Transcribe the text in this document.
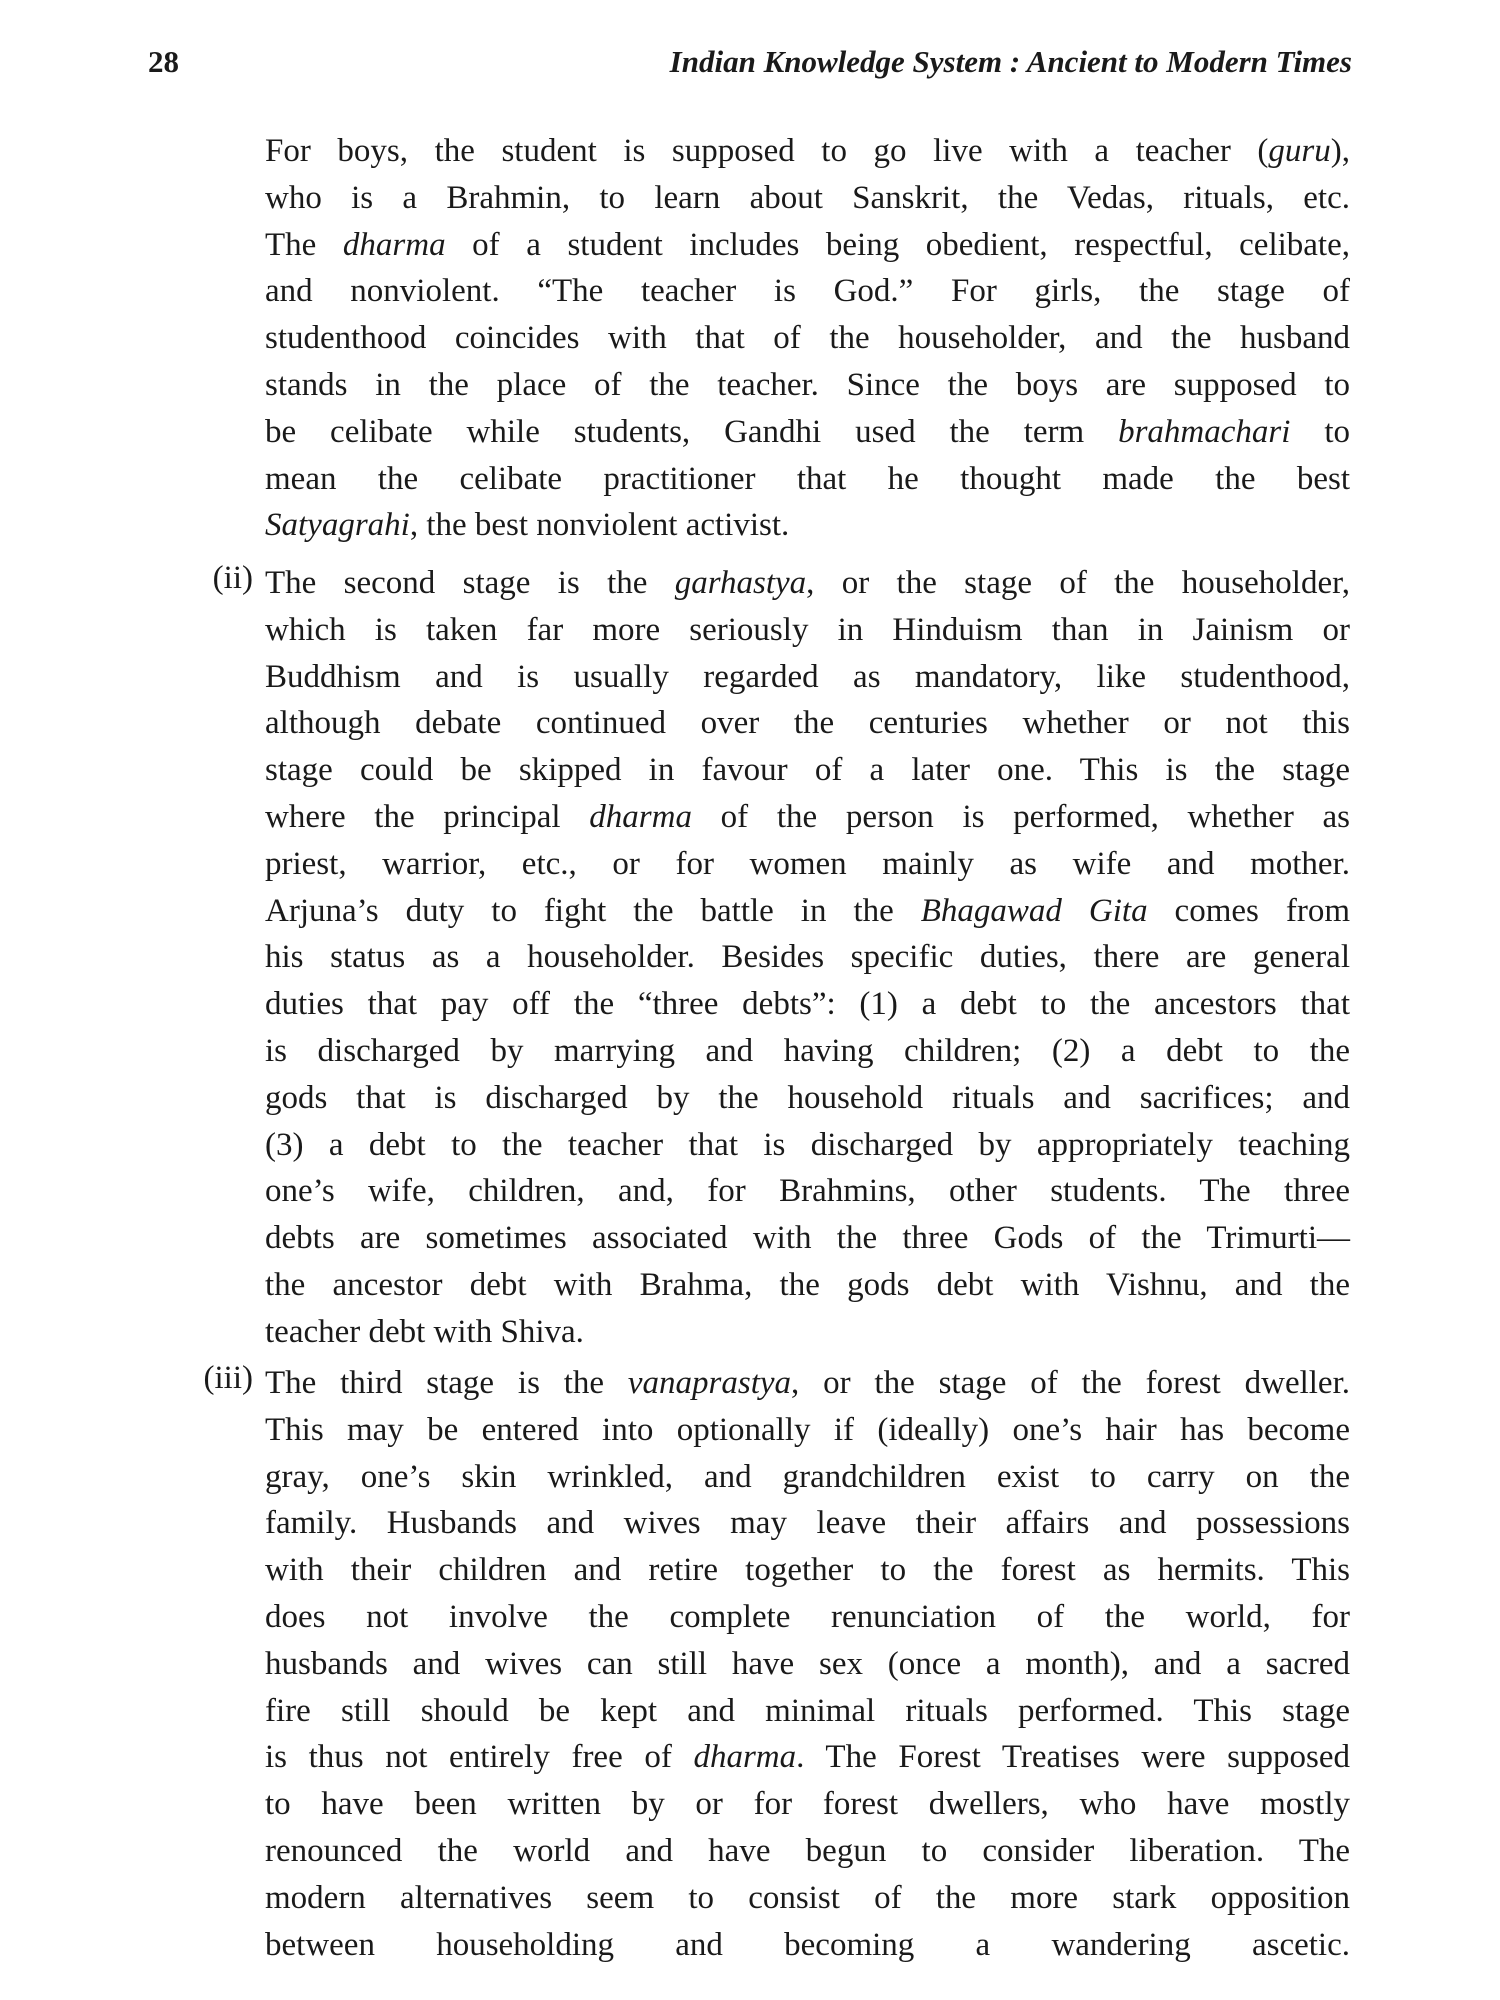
28	Indian Knowledge System : Ancient to Modern Times
For boys, the student is supposed to go live with a teacher (guru),
who is a Brahmin, to learn about Sanskrit, the Vedas, rituals, etc.
The dharma of a student includes being obedient, respectful, celibate,
and nonviolent. “The teacher is God.” For girls, the stage of
studenthood coincides with that of the householder, and the husband
stands in the place of the teacher. Since the boys are supposed to
be celibate while students, Gandhi used the term brahmachari to
mean the celibate practitioner that he thought made the best
Satyagrahi, the best nonviolent activist.
(ii) The second stage is the garhastya, or the stage of the householder,
which is taken far more seriously in Hinduism than in Jainism or
Buddhism and is usually regarded as mandatory, like studenthood,
although debate continued over the centuries whether or not this
stage could be skipped in favour of a later one. This is the stage
where the principal dharma of the person is performed, whether as
priest, warrior, etc., or for women mainly as wife and mother.
Arjuna’s duty to fight the battle in the Bhagawad Gita comes from
his status as a householder. Besides specific duties, there are general
duties that pay off the “three debts”: (1) a debt to the ancestors that
is discharged by marrying and having children; (2) a debt to the
gods that is discharged by the household rituals and sacrifices; and
(3) a debt to the teacher that is discharged by appropriately teaching
one’s wife, children, and, for Brahmins, other students. The three
debts are sometimes associated with the three Gods of the Trimurti—
the ancestor debt with Brahma, the gods debt with Vishnu, and the
teacher debt with Shiva.
(iii) The third stage is the vanaprastya, or the stage of the forest dweller.
This may be entered into optionally if (ideally) one’s hair has become
gray, one’s skin wrinkled, and grandchildren exist to carry on the
family. Husbands and wives may leave their affairs and possessions
with their children and retire together to the forest as hermits. This
does not involve the complete renunciation of the world, for
husbands and wives can still have sex (once a month), and a sacred
fire still should be kept and minimal rituals performed. This stage
is thus not entirely free of dharma. The Forest Treatises were supposed
to have been written by or for forest dwellers, who have mostly
renounced the world and have begun to consider liberation. The
modern alternatives seem to consist of the more stark opposition
between householding and becoming a wandering ascetic.
